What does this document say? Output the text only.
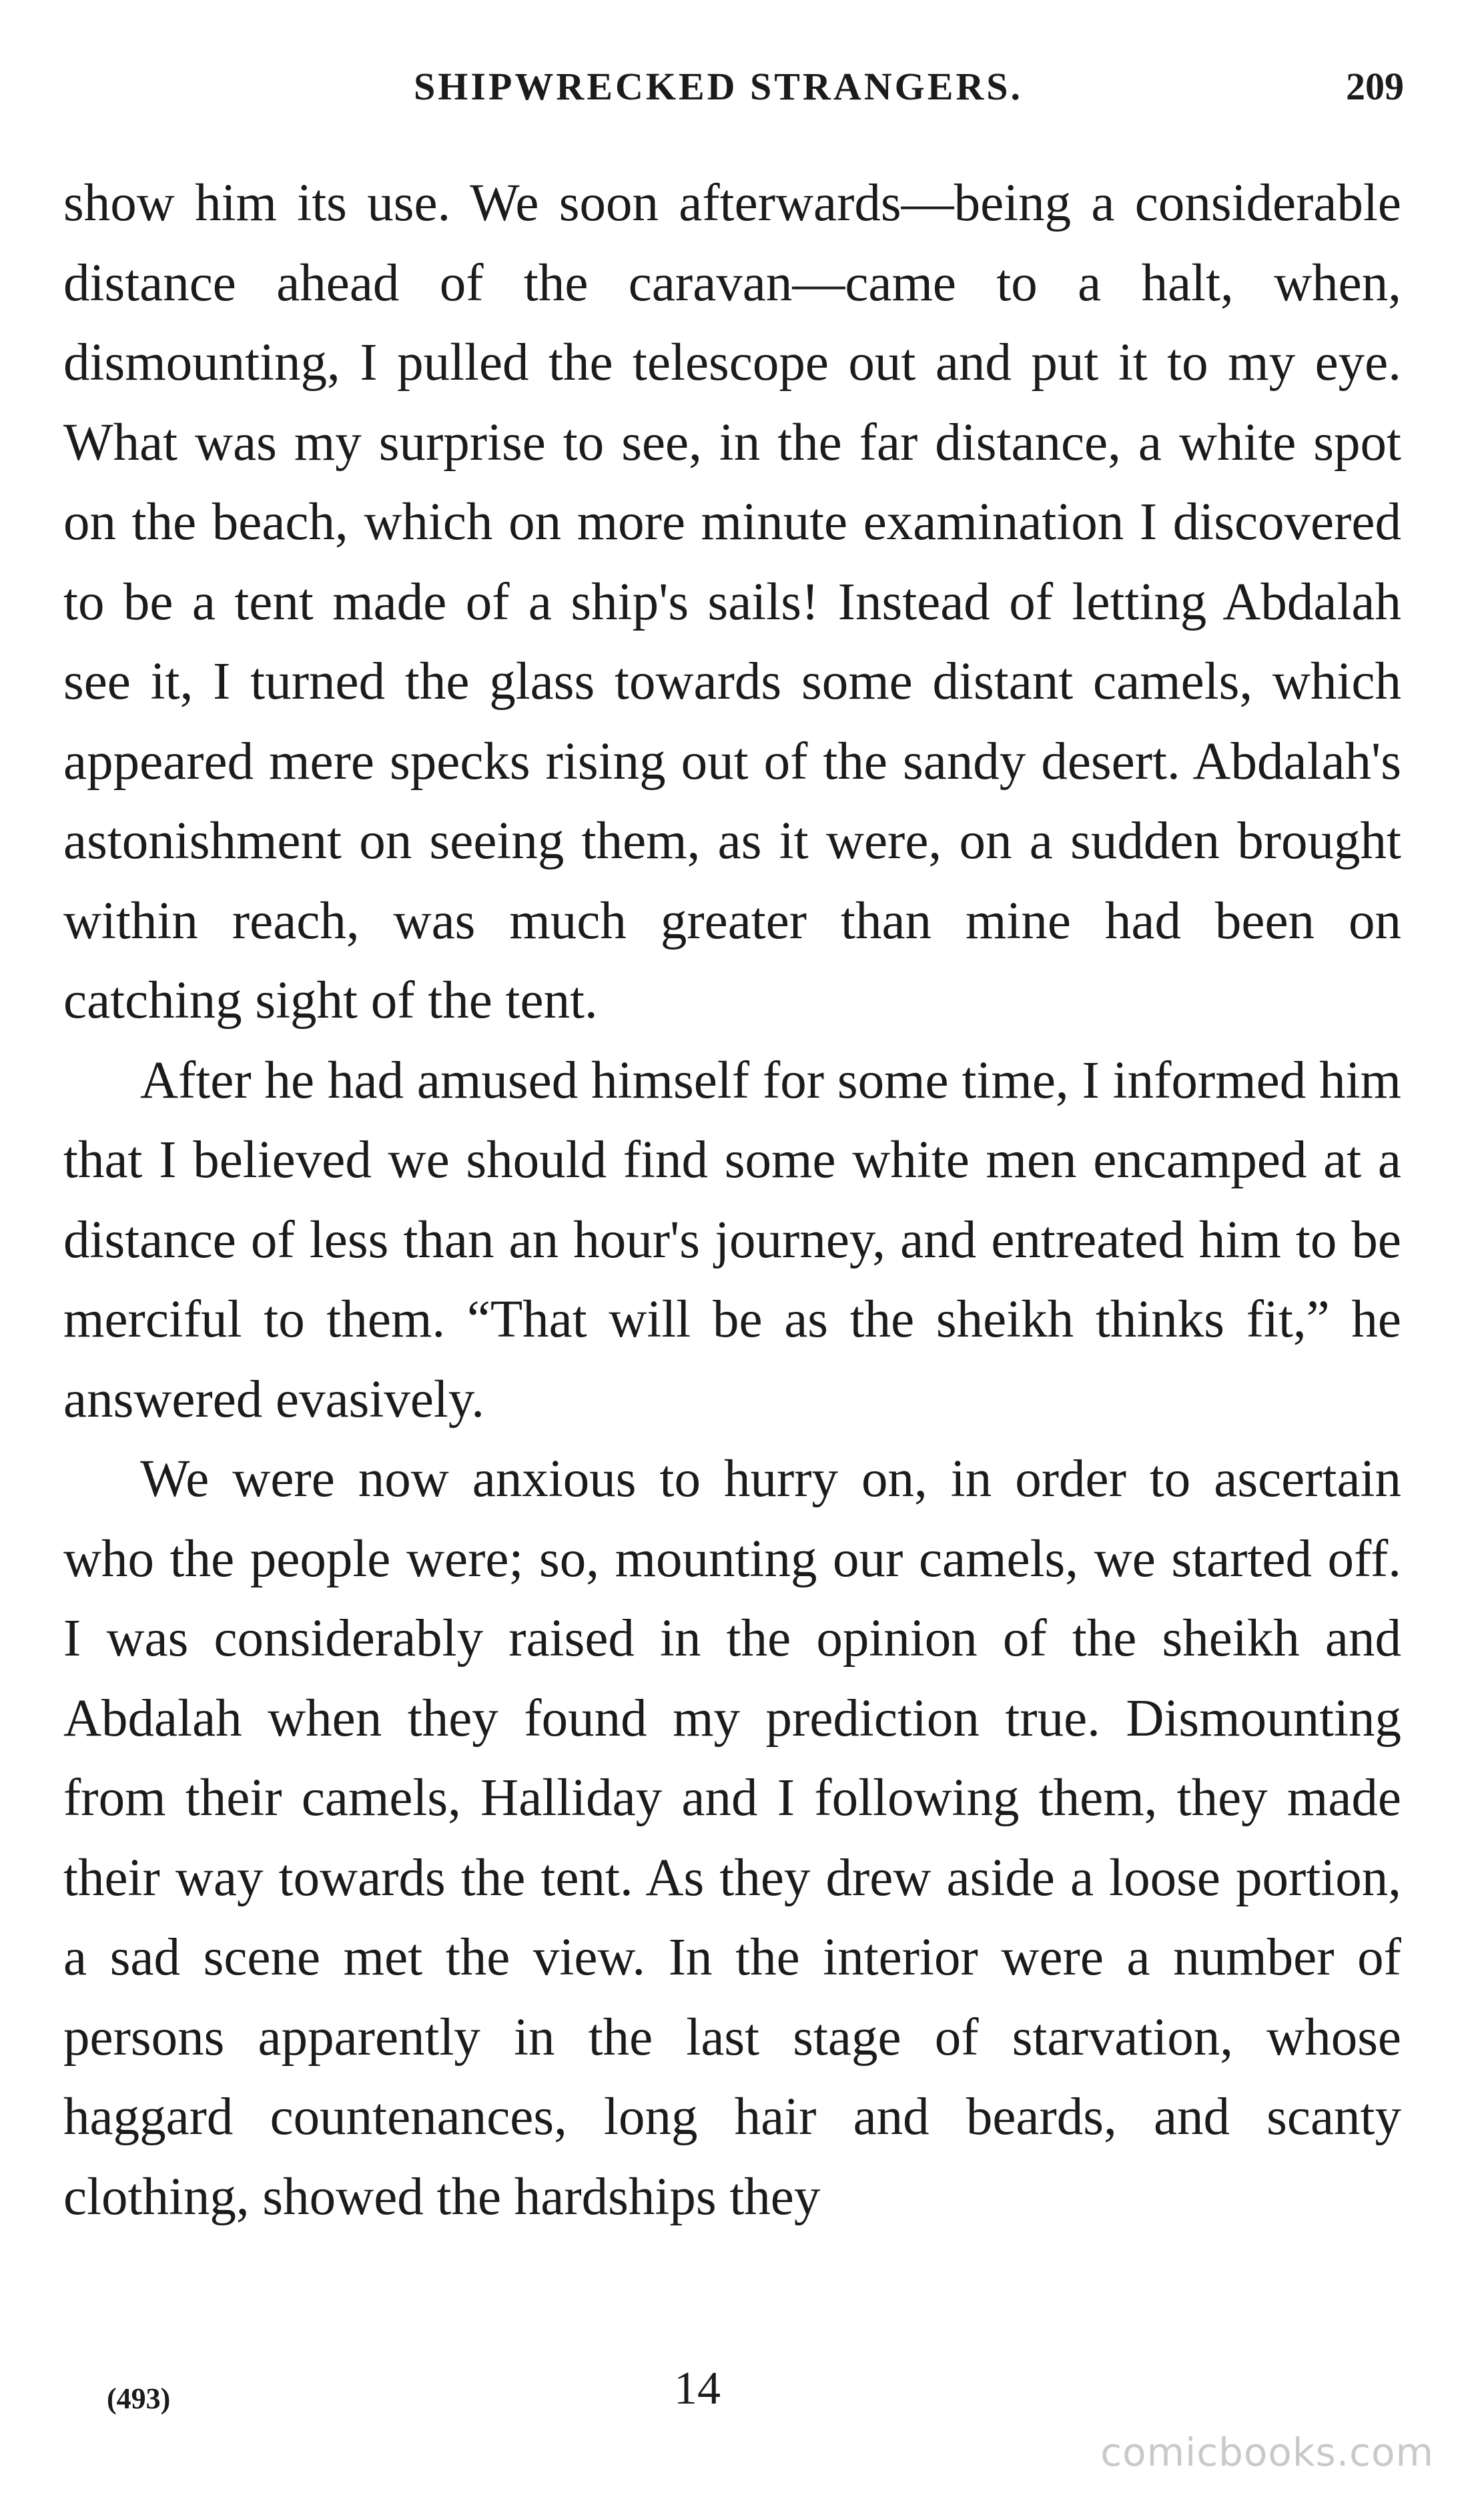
SHIPWRECKED STRANGERS.	209

show him its use. We soon afterwards—being a considerable distance ahead of the caravan—came to a halt, when, dismounting, I pulled the telescope out and put it to my eye. What was my surprise to see, in the far distance, a white spot on the beach, which on more minute examination I discovered to be a tent made of a ship's sails! Instead of letting Abdalah see it, I turned the glass towards some distant camels, which appeared mere specks rising out of the sandy desert. Abdalah's astonishment on seeing them, as it were, on a sudden brought within reach, was much greater than mine had been on catching sight of the tent.

After he had amused himself for some time, I informed him that I believed we should find some white men encamped at a distance of less than an hour's journey, and entreated him to be merciful to them. “That will be as the sheikh thinks fit,” he answered evasively.

We were now anxious to hurry on, in order to ascertain who the people were; so, mounting our camels, we started off. I was considerably raised in the opinion of the sheikh and Abdalah when they found my prediction true. Dismounting from their camels, Halliday and I following them, they made their way towards the tent. As they drew aside a loose portion, a sad scene met the view. In the interior were a number of persons apparently in the last stage of starvation, whose haggard countenances, long hair and beards, and scanty clothing, showed the hardships they

(493)	14
comicbooks.com
